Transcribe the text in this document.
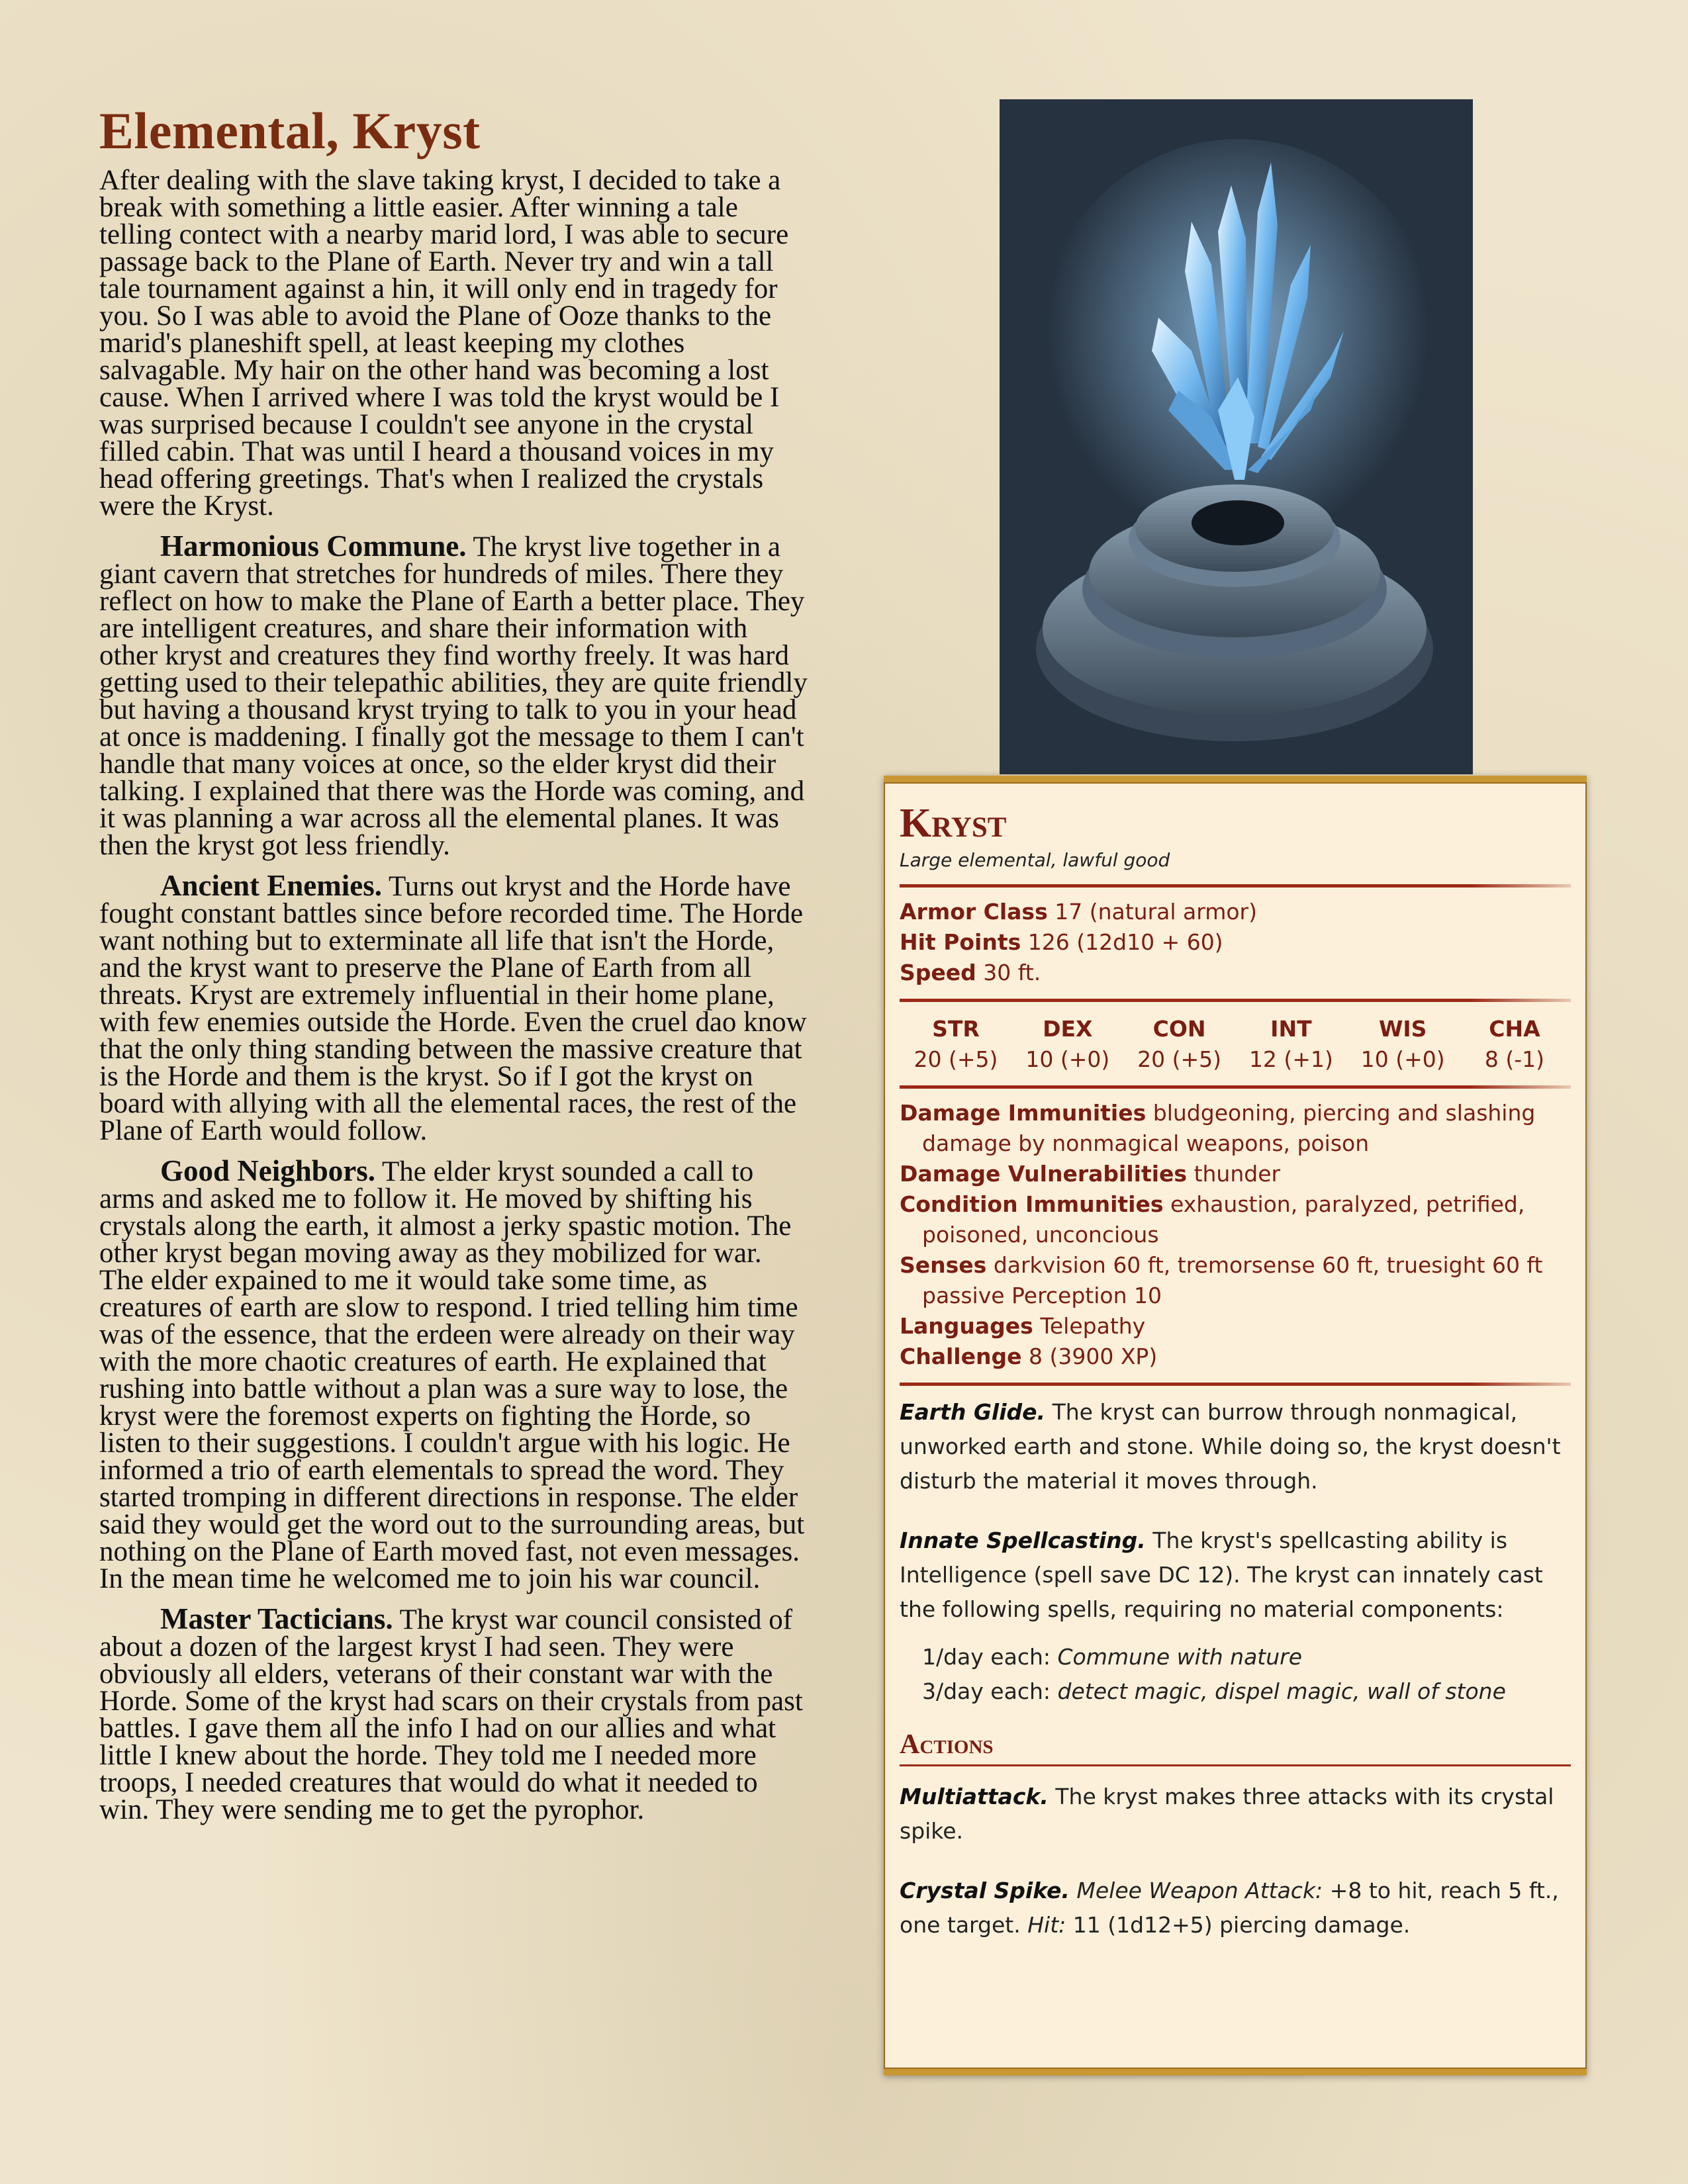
Elemental, Kryst

After dealing with the slave taking kryst, I decided to take a break with something a little easier. After winning a tale telling contect with a nearby marid lord, I was able to secure passage back to the Plane of Earth. Never try and win a tall tale tournament against a hin, it will only end in tragedy for you. So I was able to avoid the Plane of Ooze thanks to the marid's planeshift spell, at least keeping my clothes salvagable. My hair on the other hand was becoming a lost cause. When I arrived where I was told the kryst would be I was surprised because I couldn't see anyone in the crystal filled cabin. That was until I heard a thousand voices in my head offering greetings. That's when I realized the crystals were the Kryst.

Harmonious Commune. The kryst live together in a giant cavern that stretches for hundreds of miles. There they reflect on how to make the Plane of Earth a better place. They are intelligent creatures, and share their information with other kryst and creatures they find worthy freely. It was hard getting used to their telepathic abilities, they are quite friendly but having a thousand kryst trying to talk to you in your head at once is maddening. I finally got the message to them I can't handle that many voices at once, so the elder kryst did their talking. I explained that there was the Horde was coming, and it was planning a war across all the elemental planes. It was then the kryst got less friendly.

Ancient Enemies. Turns out kryst and the Horde have fought constant battles since before recorded time. The Horde want nothing but to exterminate all life that isn't the Horde, and the kryst want to preserve the Plane of Earth from all threats. Kryst are extremely influential in their home plane, with few enemies outside the Horde. Even the cruel dao know that the only thing standing between the massive creature that is the Horde and them is the kryst. So if I got the kryst on board with allying with all the elemental races, the rest of the Plane of Earth would follow.

Good Neighbors. The elder kryst sounded a call to arms and asked me to follow it. He moved by shifting his crystals along the earth, it almost a jerky spastic motion. The other kryst began moving away as they mobilized for war. The elder expained to me it would take some time, as creatures of earth are slow to respond. I tried telling him time was of the essence, that the erdeen were already on their way with the more chaotic creatures of earth. He explained that rushing into battle without a plan was a sure way to lose, the kryst were the foremost experts on fighting the Horde, so listen to their suggestions. I couldn't argue with his logic. He informed a trio of earth elementals to spread the word. They started tromping in different directions in response. The elder said they would get the word out to the surrounding areas, but nothing on the Plane of Earth moved fast, not even messages. In the mean time he welcomed me to join his war council.

Master Tacticians. The kryst war council consisted of about a dozen of the largest kryst I had seen. They were obviously all elders, veterans of their constant war with the Horde. Some of the kryst had scars on their crystals from past battles. I gave them all the info I had on our allies and what little I knew about the horde. They told me I needed more troops, I needed creatures that would do what it needed to win. They were sending me to get the pyrophor.

Kryst
Large elemental, lawful good

Armor Class 17 (natural armor)

Hit Points 126 (12d10 + 60)

Speed 30 ft.

STR
20 (+5)
DEX
10 (+0)
CON
20 (+5)
INT
12 (+1)
WIS
10 (+0)
CHA
8 (-1)

Damage Immunities bludgeoning, piercing and slashing damage by nonmagical weapons, poison

Damage Vulnerabilities thunder

Condition Immunities exhaustion, paralyzed, petrified, poisoned, unconcious

Senses darkvision 60 ft, tremorsense 60 ft, truesight 60 ft passive Perception 10

Languages Telepathy

Challenge 8 (3900 XP)

Earth Glide. The kryst can burrow through nonmagical, unworked earth and stone. While doing so, the kryst doesn't disturb the material it moves through.

Innate Spellcasting. The kryst's spellcasting ability is Intelligence (spell save DC 12). The kryst can innately cast the following spells, requiring no material components:

1/day each: Commune with nature
3/day each: detect magic, dispel magic, wall of stone
Actions

Multiattack. The kryst makes three attacks with its crystal spike.

Crystal Spike. Melee Weapon Attack: +8 to hit, reach 5 ft., one target. Hit: 11 (1d12+5) piercing damage.
